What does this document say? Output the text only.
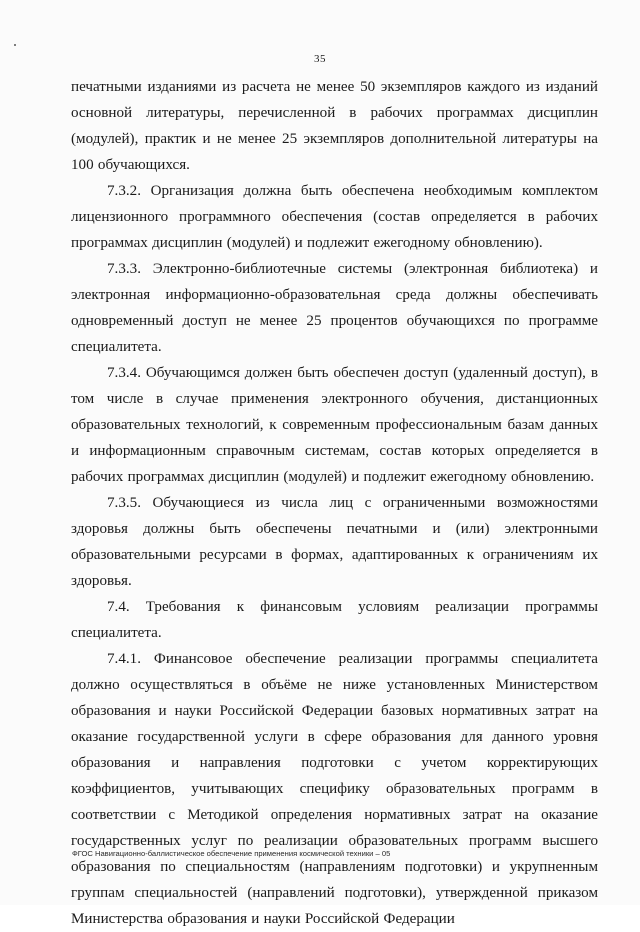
35

печатными изданиями из расчета не менее 50 экземпляров каждого из изданий основной литературы, перечисленной в рабочих программах дисциплин (модулей), практик и не менее 25 экземпляров дополнительной литературы на 100 обучающихся.

7.3.2. Организация должна быть обеспечена необходимым комплектом лицензионного программного обеспечения (состав определяется в рабочих программах дисциплин (модулей) и подлежит ежегодному обновлению).

7.3.3. Электронно-библиотечные системы (электронная библиотека) и электронная информационно-образовательная среда должны обеспечивать одновременный доступ не менее 25 процентов обучающихся по программе специалитета.

7.3.4. Обучающимся должен быть обеспечен доступ (удаленный доступ), в том числе в случае применения электронного обучения, дистанционных образовательных технологий, к современным профессиональным базам данных и информационным справочным системам, состав которых определяется в рабочих программах дисциплин (модулей) и подлежит ежегодному обновлению.

7.3.5. Обучающиеся из числа лиц с ограниченными возможностями здоровья должны быть обеспечены печатными и (или) электронными образовательными ресурсами в формах, адаптированных к ограничениям их здоровья.

7.4. Требования к финансовым условиям реализации программы специалитета.

7.4.1. Финансовое обеспечение реализации программы специалитета должно осуществляться в объёме не ниже установленных Министерством образования и науки Российской Федерации базовых нормативных затрат на оказание государственной услуги в сфере образования для данного уровня образования и направления подготовки с учетом корректирующих коэффициентов, учитывающих специфику образовательных программ в соответствии с Методикой определения нормативных затрат на оказание государственных услуг по реализации образовательных программ высшего образования по специальностям (направлениям подготовки) и укрупненным группам специальностей (направлений подготовки), утвержденной приказом Министерства образования и науки Российской Федерации

ФГОС Навигационно-баллистическое обеспечение применения космической техники – 05
